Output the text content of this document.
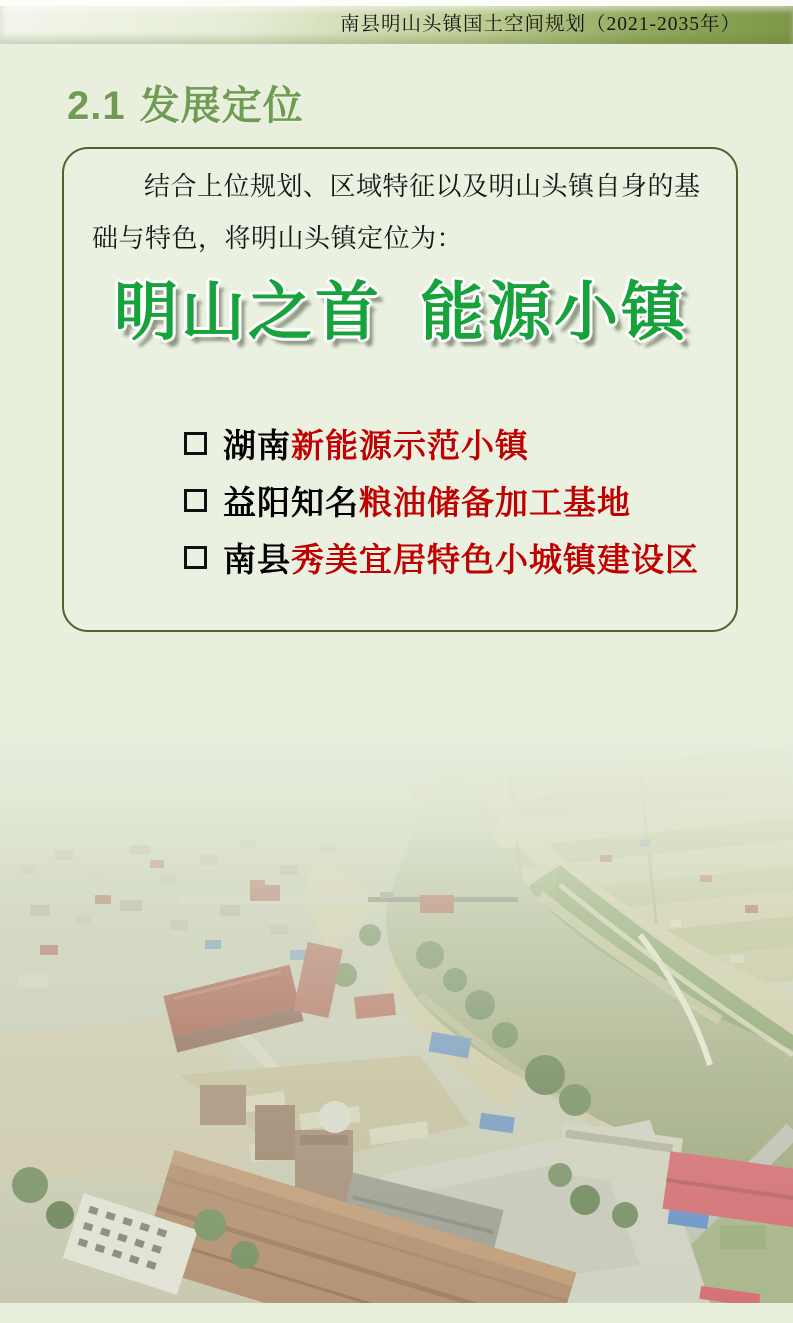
南县明山头镇国土空间规划（2021-2035年）
2.1 发展定位
结合上位规划、区域特征以及明山头镇自身的基础与特色，将明山头镇定位为：
明山之首 能源小镇
湖南新能源示范小镇
益阳知名粮油储备加工基地
南县秀美宜居特色小城镇建设区
